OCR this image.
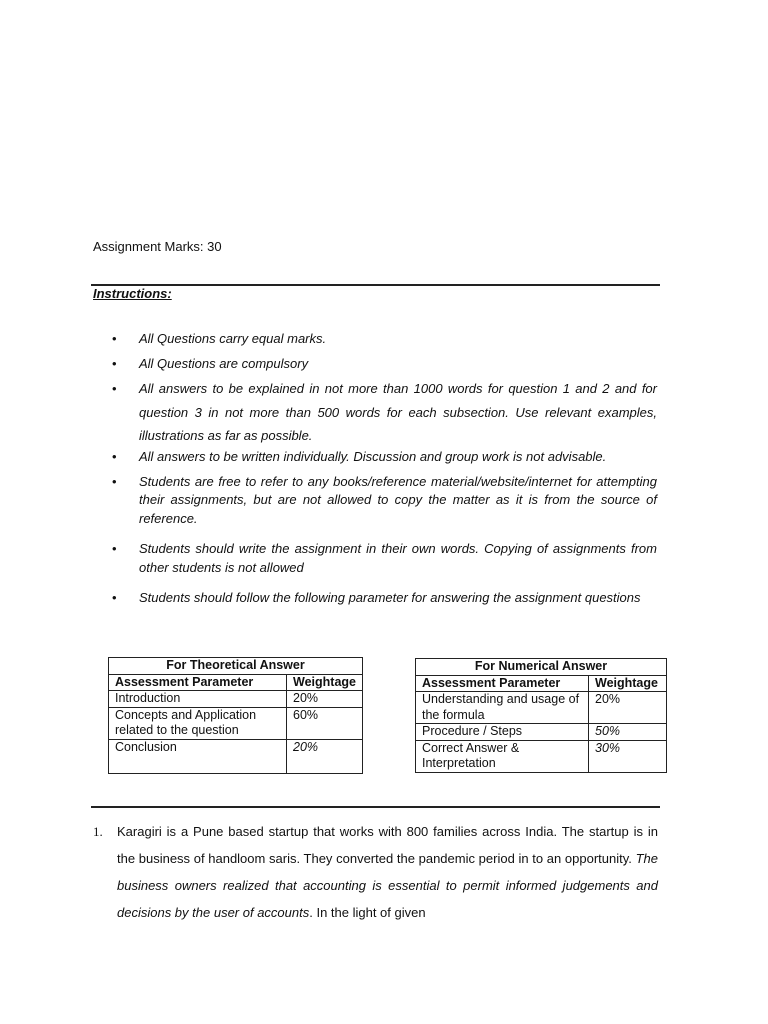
Assignment Marks: 30
Instructions:
• All Questions carry equal marks.
• All Questions are compulsory
• All answers to be explained in not more than 1000 words for question 1 and 2 and for question 3 in not more than 500 words for each subsection. Use relevant examples, illustrations as far as possible.
• All answers to be written individually. Discussion and group work is not advisable.
• Students are free to refer to any books/reference material/website/internet for attempting their assignments, but are not allowed to copy the matter as it is from the source of reference.
• Students should write the assignment in their own words. Copying of assignments from other students is not allowed
• Students should follow the following parameter for answering the assignment questions
For Theoretical Answer	
Assessment Parameter	Weightage
Introduction	20%
Concepts and Application related to the question	60%
Conclusion	20%
For Numerical Answer	
Assessment Parameter	Weightage
Understanding and usage of the formula	20%
Procedure / Steps	50%
Correct Answer & Interpretation	30%
1. Karagiri is a Pune based startup that works with 800 families across India. The startup is in the business of handloom saris. They converted the pandemic period in to an opportunity. The business owners realized that accounting is essential to permit informed judgements and decisions by the user of accounts. In the light of given
